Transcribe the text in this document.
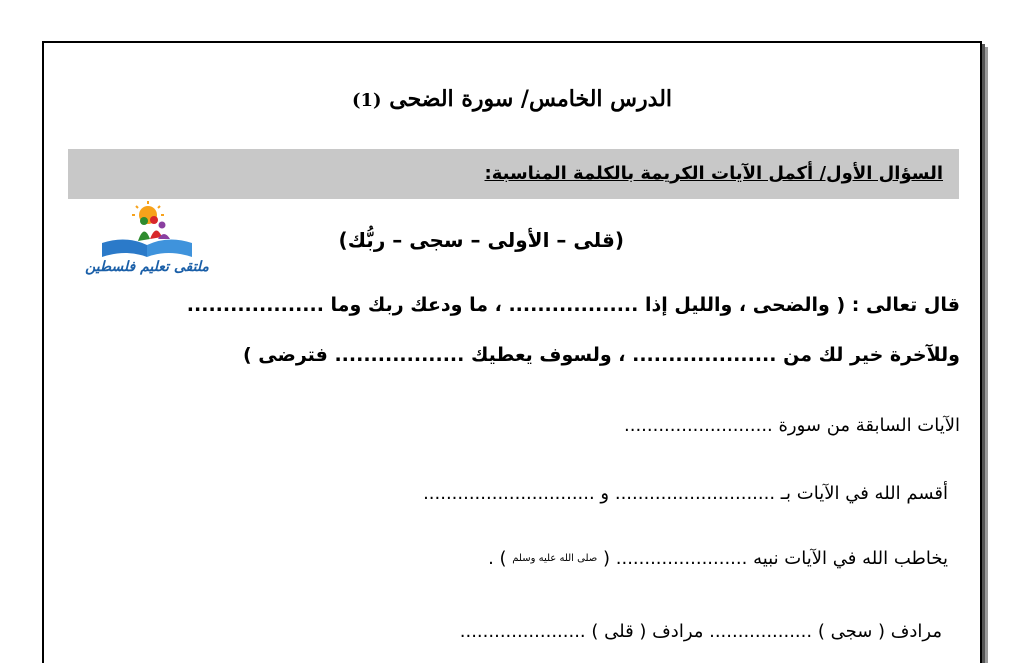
الدرس الخامس/ سورة الضحى (1)
السؤال الأول/ أكمل الآيات الكريمة بالكلمة المناسبة:
ملتقى تعليم فلسطين
(قلى – الأولى – سجى – ربُّك)
قال تعالى : ( والضحى ، والليل إذا .................. ، ما ودعك ربك وما ...................
وللآخرة خير لك من .................... ، ولسوف يعطيك .................. فترضى )
الآيات السابقة من سورة ..........................
أقسم الله في الآيات بـ ............................ و ..............................
يخاطب الله في الآيات نبيه ....................... ( صلى الله عليه وسلم ) .
مرادف ( سجى ) .................. مرادف ( قلى ) ......................
